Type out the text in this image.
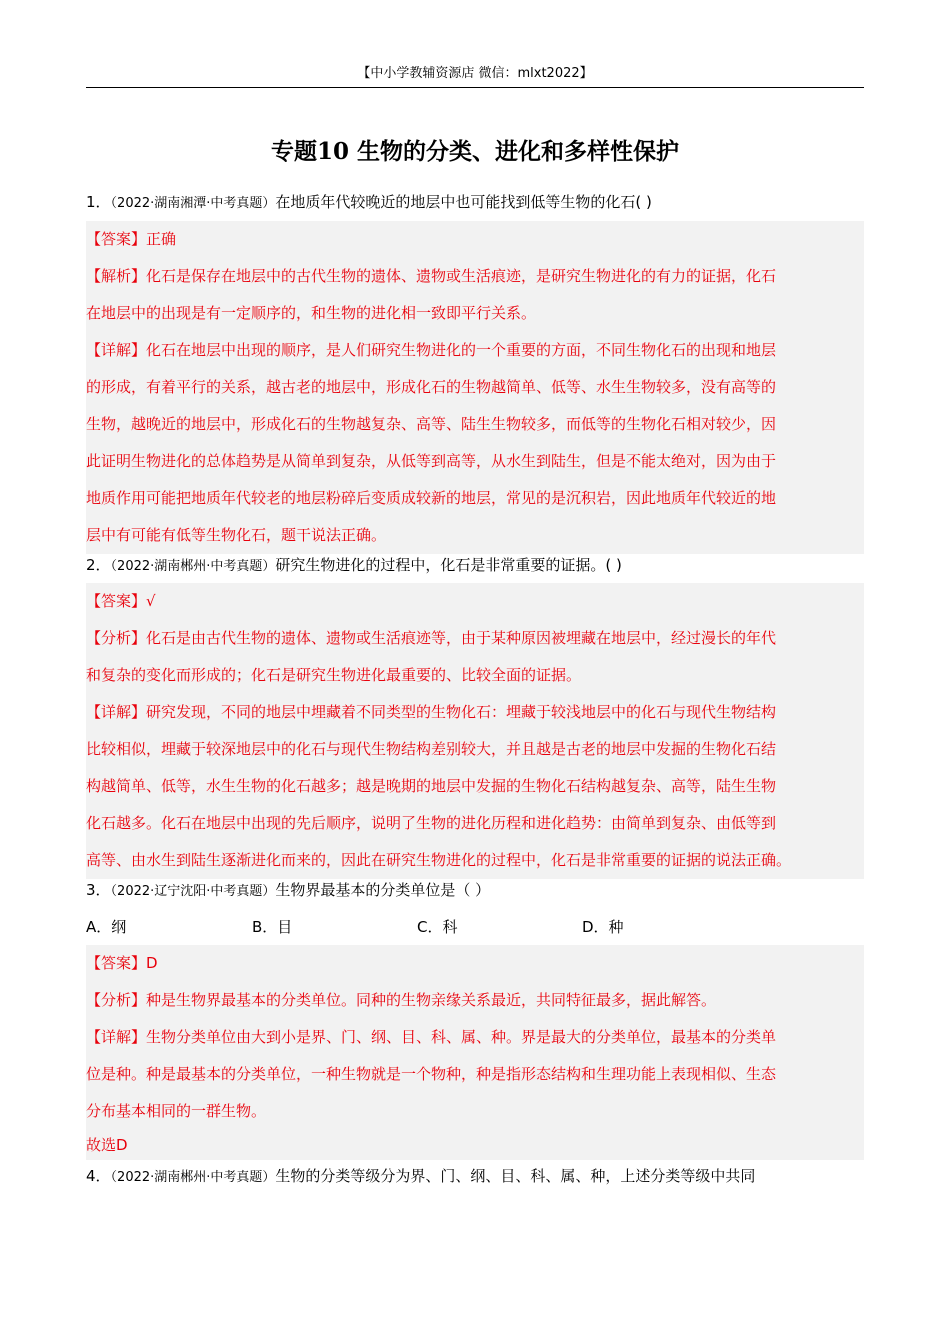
【中小学教辅资源店 微信：mlxt2022】
专题10 生物的分类、进化和多样性保护
1．（2022·湖南湘潭·中考真题）在地质年代较晚近的地层中也可能找到低等生物的化石( )

【答案】正确

【解析】化石是保存在地层中的古代生物的遗体、遗物或生活痕迹，是研究生物进化的有力的证据，化石

在地层中的出现是有一定顺序的，和生物的进化相一致即平行关系。

【详解】化石在地层中出现的顺序，是人们研究生物进化的一个重要的方面，不同生物化石的出现和地层

的形成，有着平行的关系，越古老的地层中，形成化石的生物越简单、低等、水生生物较多，没有高等的

生物，越晚近的地层中，形成化石的生物越复杂、高等、陆生生物较多，而低等的生物化石相对较少，因

此证明生物进化的总体趋势是从简单到复杂，从低等到高等，从水生到陆生，但是不能太绝对，因为由于

地质作用可能把地质年代较老的地层粉碎后变质成较新的地层，常见的是沉积岩，因此地质年代较近的地

层中有可能有低等生物化石，题干说法正确。

2．（2022·湖南郴州·中考真题）研究生物进化的过程中，化石是非常重要的证据。( )

【答案】√

【分析】化石是由古代生物的遗体、遗物或生活痕迹等，由于某种原因被埋藏在地层中，经过漫长的年代

和复杂的变化而形成的；化石是研究生物进化最重要的、比较全面的证据。

【详解】研究发现，不同的地层中埋藏着不同类型的生物化石：埋藏于较浅地层中的化石与现代生物结构

比较相似，埋藏于较深地层中的化石与现代生物结构差别较大，并且越是古老的地层中发掘的生物化石结

构越简单、低等，水生生物的化石越多；越是晚期的地层中发掘的生物化石结构越复杂、高等，陆生生物

化石越多。化石在地层中出现的先后顺序，说明了生物的进化历程和进化趋势：由简单到复杂、由低等到

高等、由水生到陆生逐渐进化而来的，因此在研究生物进化的过程中，化石是非常重要的证据的说法正确。

3．（2022·辽宁沈阳·中考真题）生物界最基本的分类单位是（ ）
A．纲	B．目	C．科	D．种

【答案】D

【分析】种是生物界最基本的分类单位。同种的生物亲缘关系最近，共同特征最多，据此解答。

【详解】生物分类单位由大到小是界、门、纲、目、科、属、种。界是最大的分类单位，最基本的分类单

位是种。种是最基本的分类单位，一种生物就是一个物种，种是指形态结构和生理功能上表现相似、生态

分布基本相同的一群生物。

故选D

4．（2022·湖南郴州·中考真题）生物的分类等级分为界、门、纲、目、科、属、种，上述分类等级中共同
